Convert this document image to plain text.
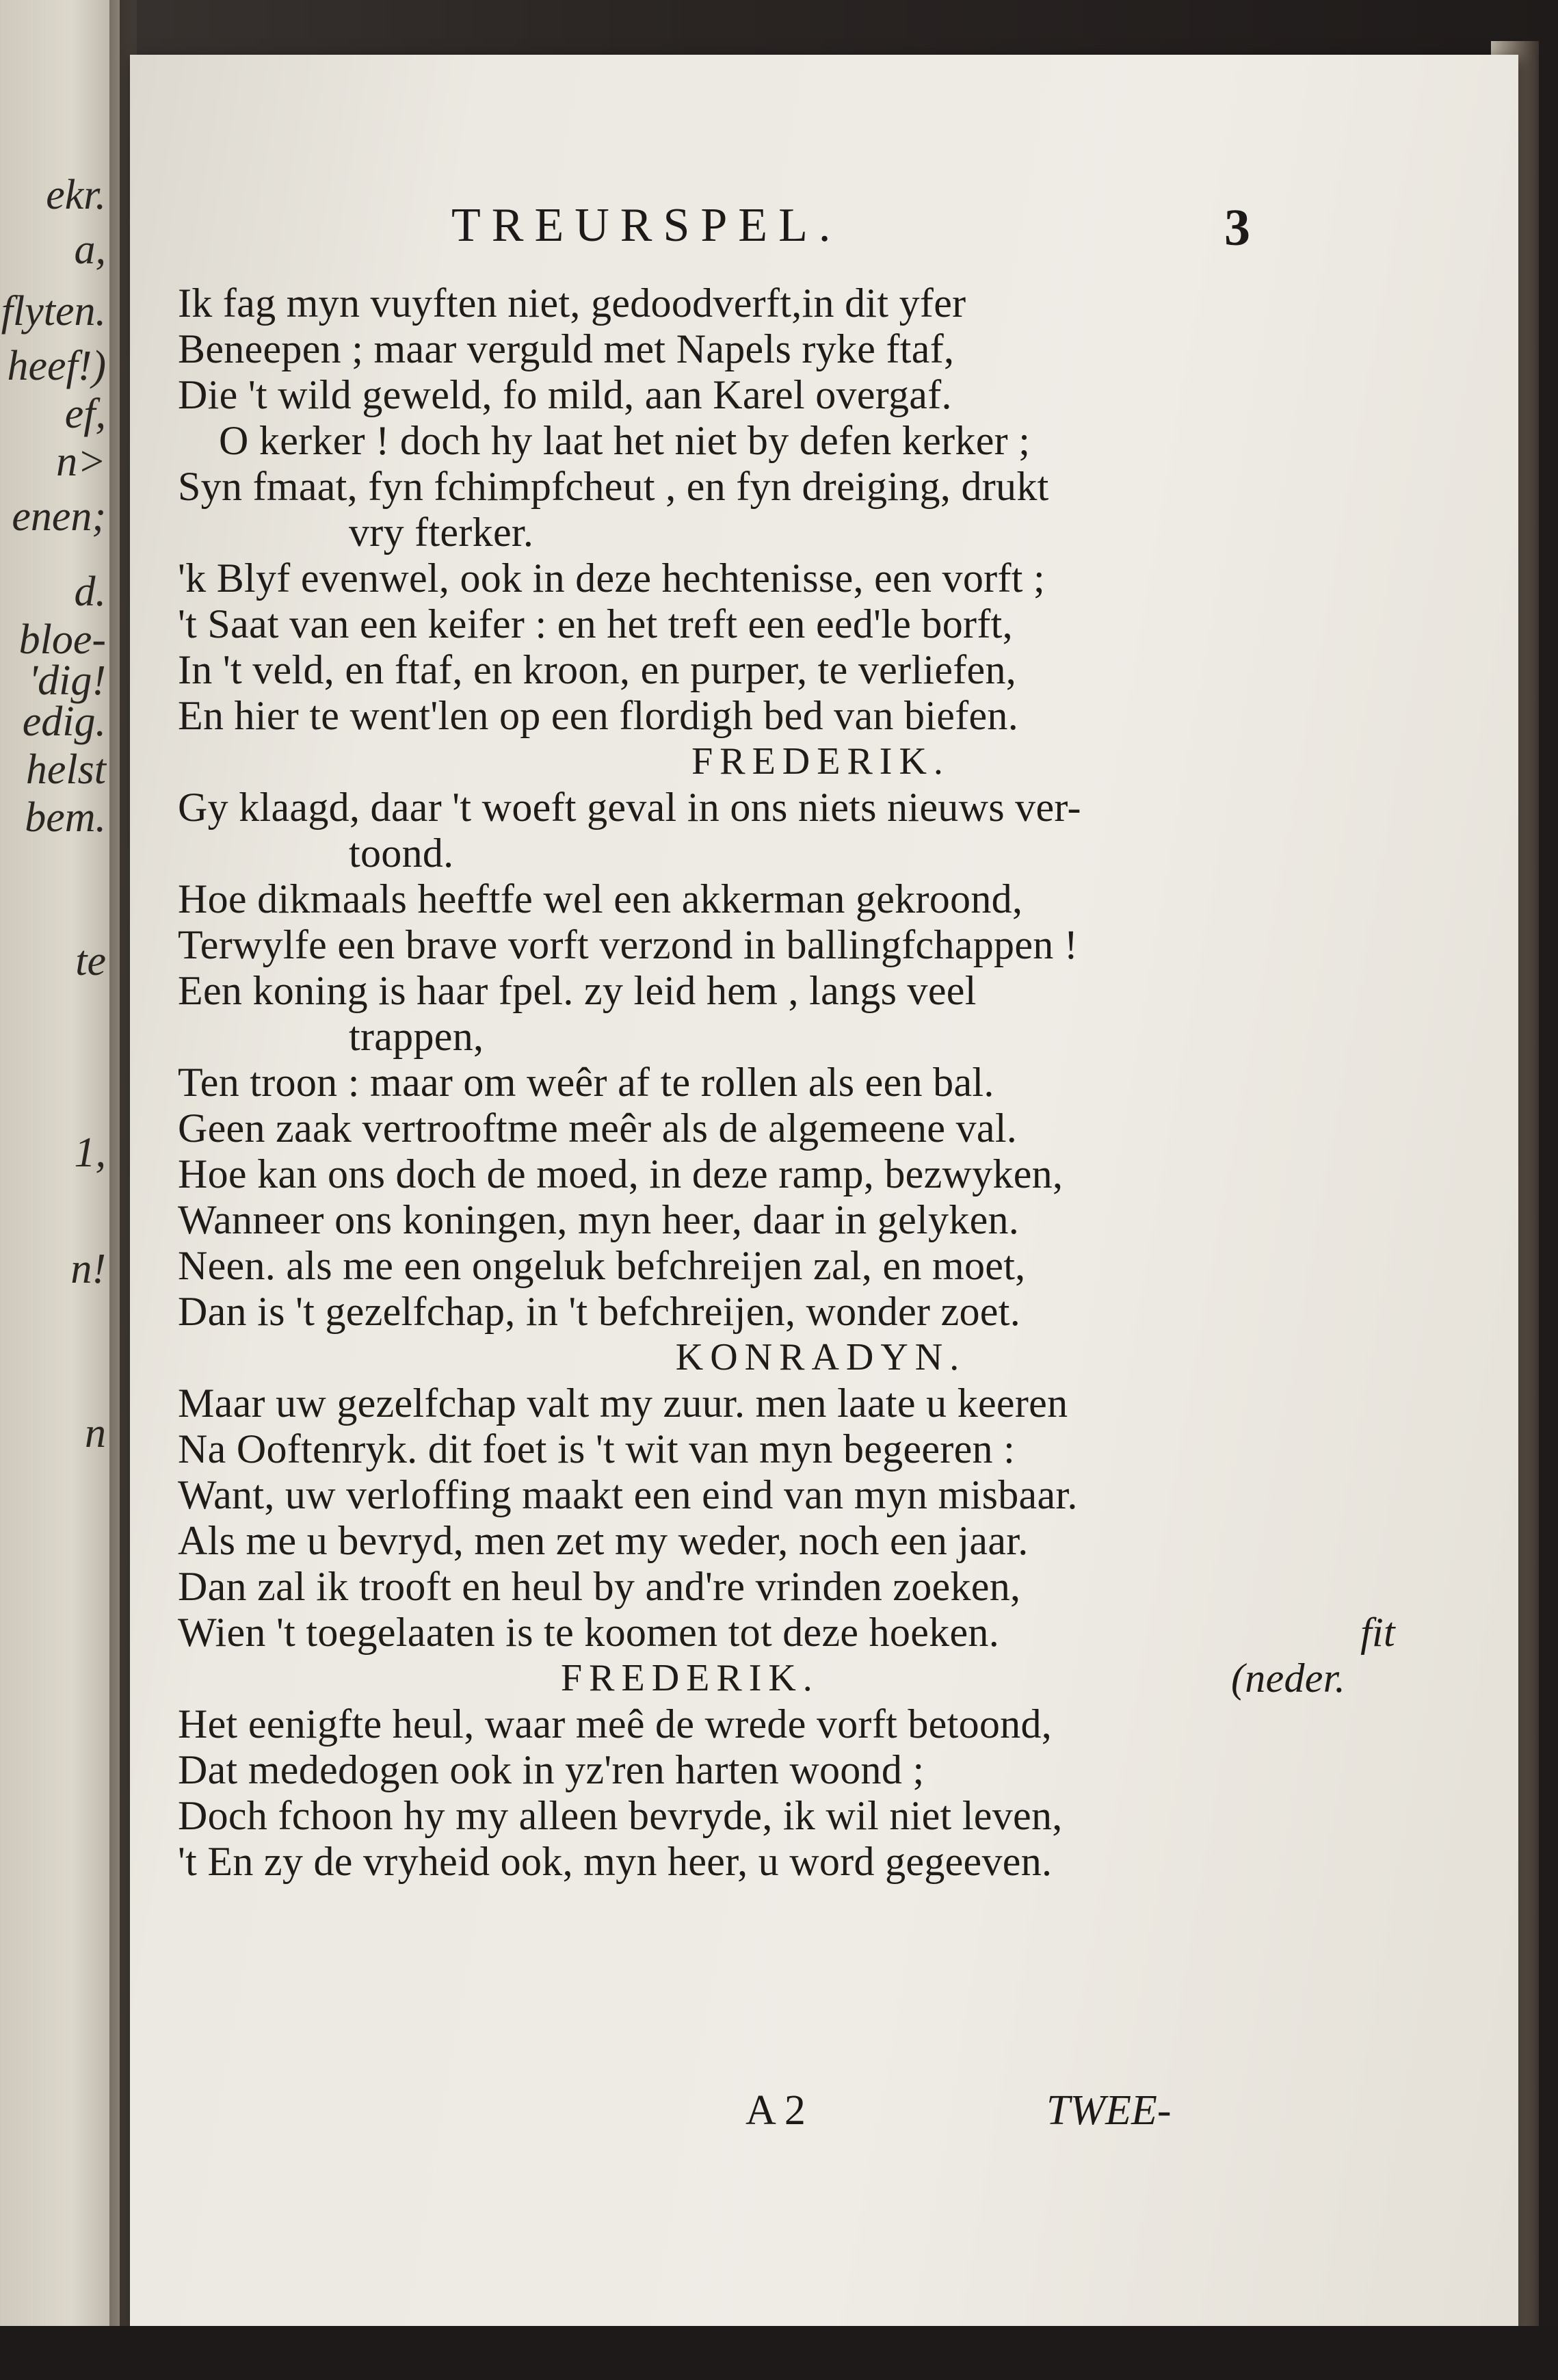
ekr.
a,
flyten.
heef!)
ef,
n>
enen;
d.
bloe-
'dig!
edig.
helst
bem.
te
1,
n!
n
TREURSPEL.	3
Ik fag myn vuyften niet, gedoodverft,in dit yfer
Beneepen ; maar verguld met Napels ryke ftaf,
Die 't wild geweld, fo mild, aan Karel overgaf.
O kerker ! doch hy laat het niet by defen kerker ;
Syn fmaat, fyn fchimpfcheut , en fyn dreiging, drukt
vry fterker.
'k Blyf evenwel, ook in deze hechtenisse, een vorft ;
't Saat van een keifer : en het treft een eed'le borft,
In 't veld, en ftaf, en kroon, en purper, te verliefen,
En hier te went'len op een flordigh bed van biefen.
FREDERIK.
Gy klaagd, daar 't woeft geval in ons niets nieuws ver-
toond.
Hoe dikmaals heeftfe wel een akkerman gekroond,
Terwylfe een brave vorft verzond in ballingfchappen !
Een koning is haar fpel. zy leid hem , langs veel
trappen,
Ten troon : maar om weêr af te rollen als een bal.
Geen zaak vertrooftme meêr als de algemeene val.
Hoe kan ons doch de moed, in deze ramp, bezwyken,
Wanneer ons koningen, myn heer, daar in gelyken.
Neen. als me een ongeluk befchreijen zal, en moet,
Dan is 't gezelfchap, in 't befchreijen, wonder zoet.
KONRADYN.
Maar uw gezelfchap valt my zuur. men laate u keeren
Na Ooftenryk. dit foet is 't wit van myn begeeren :
Want, uw verloffing maakt een eind van myn misbaar.
Als me u bevryd, men zet my weder, noch een jaar.
Dan zal ik trooft en heul by and're vrinden zoeken,
Wien 't toegelaaten is te koomen tot deze hoeken.	fit
FREDERIK.	(neder.
Het eenigfte heul, waar meê de wrede vorft betoond,
Dat mededogen ook in yz'ren harten woond ;
Doch fchoon hy my alleen bevryde, ik wil niet leven,
't En zy de vryheid ook, myn heer, u word gegeeven.
A 2	TWEE-
